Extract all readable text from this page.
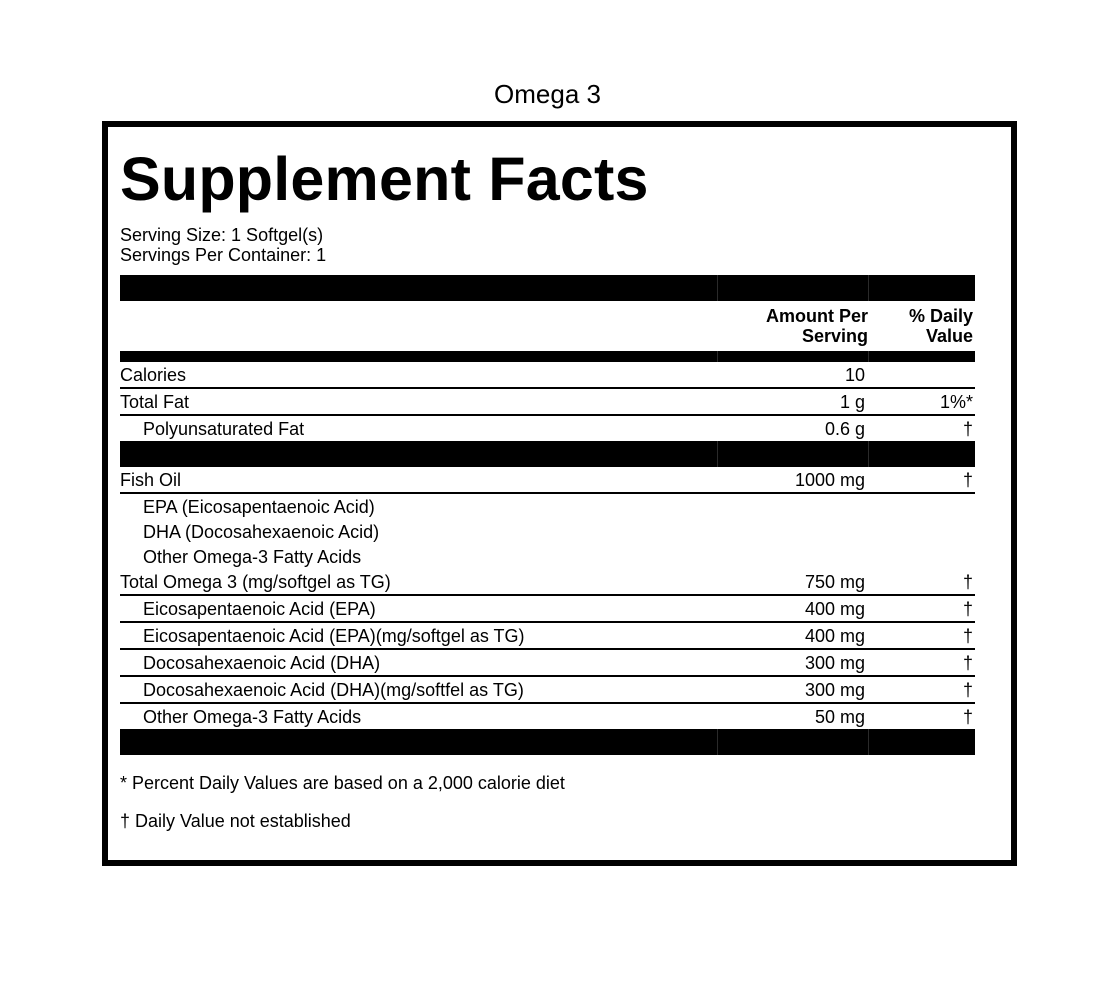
Omega 3
Supplement Facts
Serving Size: 1 Softgel(s)
Servings Per Container: 1

	Amount Per Serving	% Daily Value

Calories	10	
Total Fat	1 g	1%*
Polyunsaturated Fat	0.6 g	†

Fish Oil	1000 mg	†
EPA (Eicosapentaenoic Acid)		
DHA (Docosahexaenoic Acid)		
Other Omega-3 Fatty Acids		
Total Omega 3 (mg/softgel as TG)	750 mg	†
Eicosapentaenoic Acid (EPA)	400 mg	†
Eicosapentaenoic Acid (EPA)(mg/softgel as TG)	400 mg	†
Docosahexaenoic Acid (DHA)	300 mg	†
Docosahexaenoic Acid (DHA)(mg/softfel as TG)	300 mg	†
Other Omega-3 Fatty Acids	50 mg	†

* Percent Daily Values are based on a 2,000 calorie diet
† Daily Value not established
